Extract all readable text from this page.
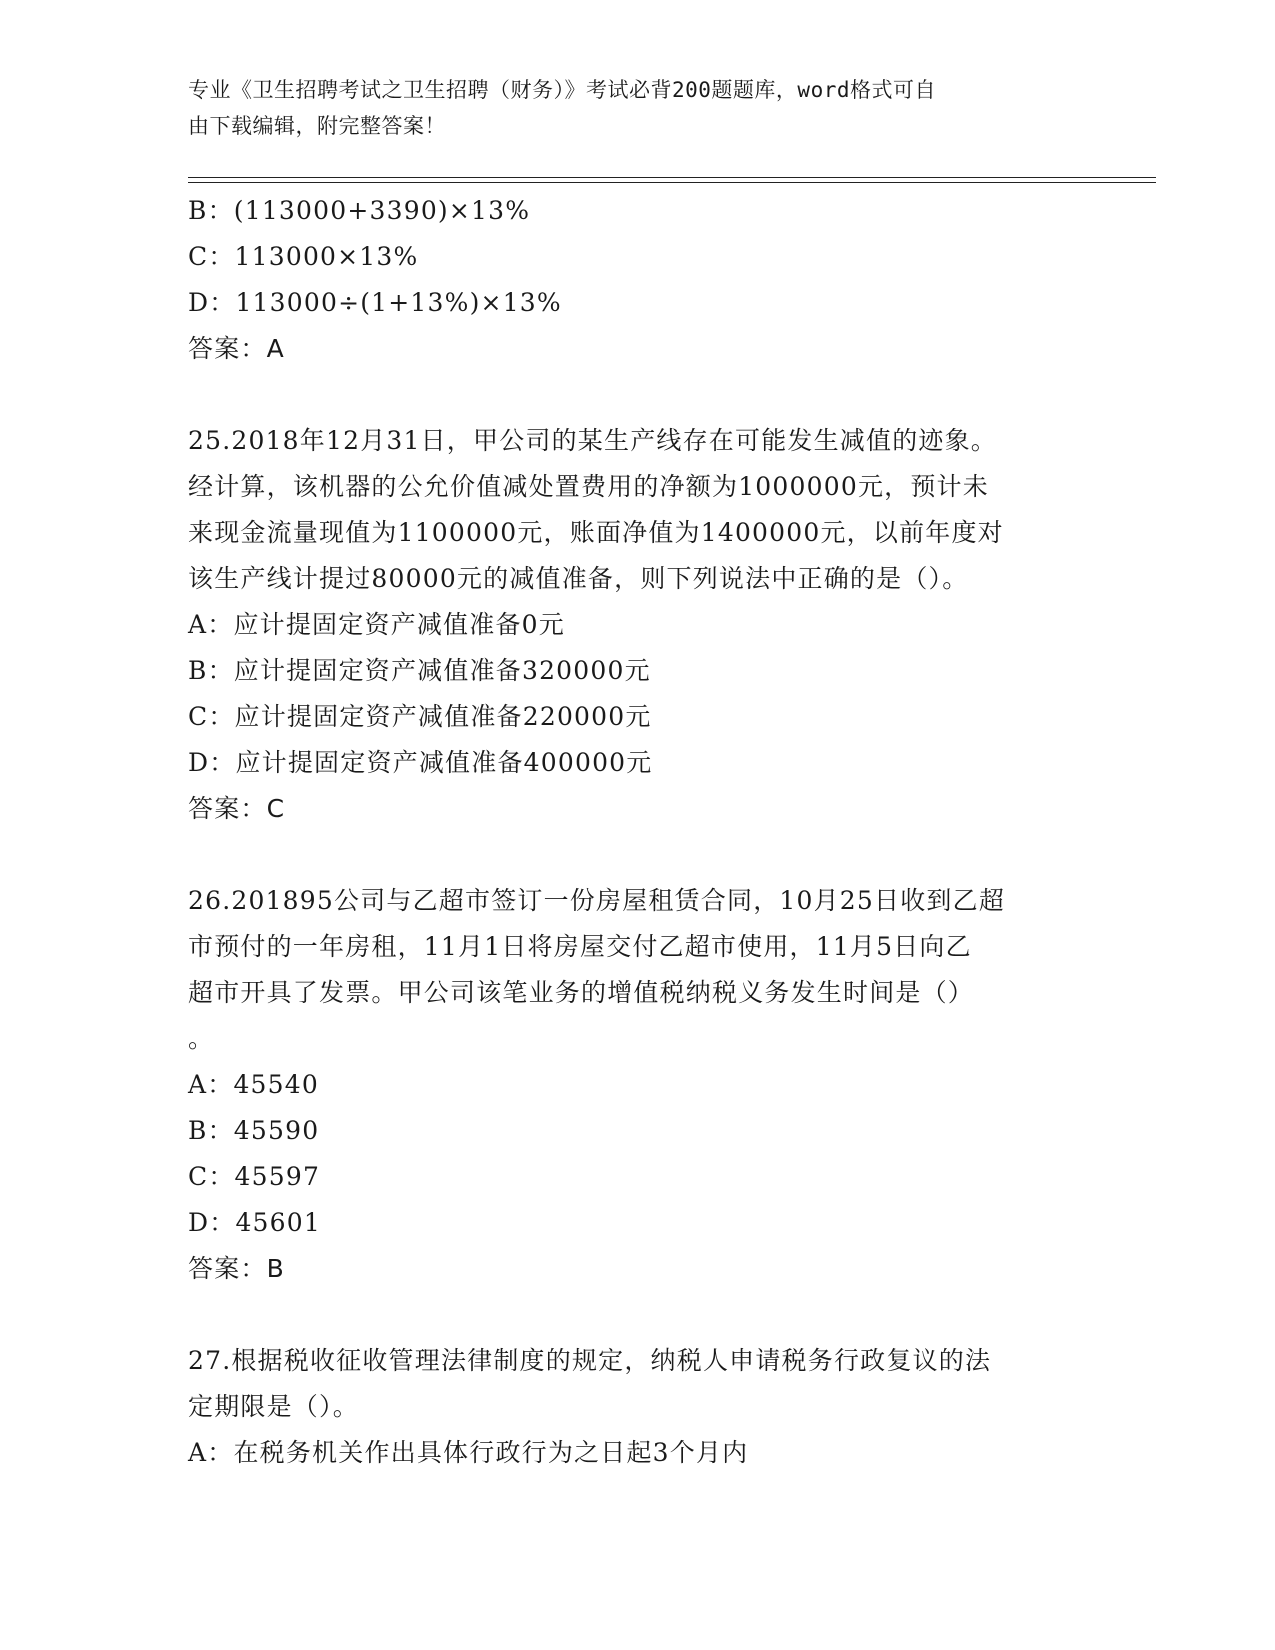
专业《卫生招聘考试之卫生招聘（财务）》考试必背200题题库，word格式可自
由下载编辑，附完整答案！
B：(113000+3390)×13%
C：113000×13%
D：113000÷(1+13%)×13%
答案：A
25.2018年12月31日，甲公司的某生产线存在可能发生减值的迹象。
经计算，该机器的公允价值减处置费用的净额为1000000元，预计未
来现金流量现值为1100000元，账面净值为1400000元，以前年度对
该生产线计提过80000元的减值准备，则下列说法中正确的是（）。
A：应计提固定资产减值准备0元
B：应计提固定资产减值准备320000元
C：应计提固定资产减值准备220000元
D：应计提固定资产减值准备400000元
答案：C
26.201895公司与乙超市签订一份房屋租赁合同，10月25日收到乙超
市预付的一年房租，11月1日将房屋交付乙超市使用，11月5日向乙
超市开具了发票。甲公司该笔业务的增值税纳税义务发生时间是（）
。
A：45540
B：45590
C：45597
D：45601
答案：B
27.根据税收征收管理法律制度的规定，纳税人申请税务行政复议的法
定期限是（）。
A：在税务机关作出具体行政行为之日起3个月内
